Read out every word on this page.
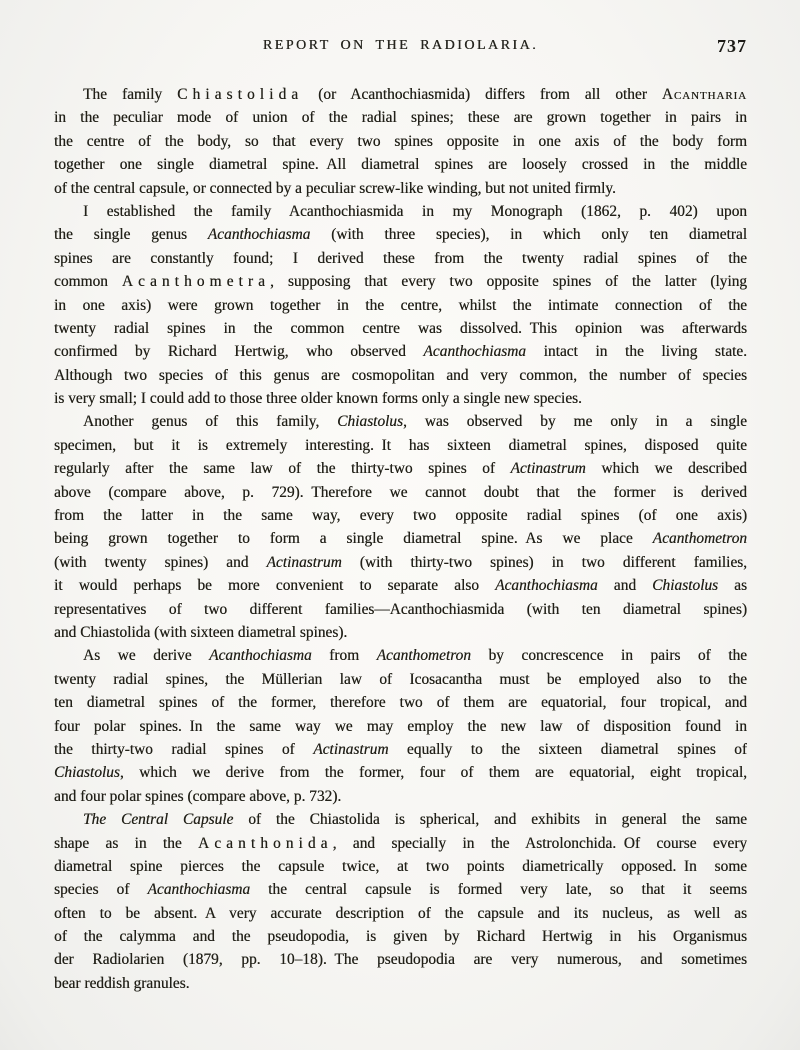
REPORT ON THE RADIOLARIA.	737
The family Chiastolida (or Acanthochiasmida) differs from all other Acantharia
in the peculiar mode of union of the radial spines; these are grown together in pairs in
the centre of the body, so that every two spines opposite in one axis of the body form
together one single diametral spine. All diametral spines are loosely crossed in the middle
of the central capsule, or connected by a peculiar screw-like winding, but not united firmly.
I established the family Acanthochiasmida in my Monograph (1862, p. 402) upon
the single genus Acanthochiasma (with three species), in which only ten diametral
spines are constantly found; I derived these from the twenty radial spines of the
common Acanthometra, supposing that every two opposite spines of the latter (lying
in one axis) were grown together in the centre, whilst the intimate connection of the
twenty radial spines in the common centre was dissolved. This opinion was afterwards
confirmed by Richard Hertwig, who observed Acanthochiasma intact in the living state.
Although two species of this genus are cosmopolitan and very common, the number of species
is very small; I could add to those three older known forms only a single new species.
Another genus of this family, Chiastolus, was observed by me only in a single
specimen, but it is extremely interesting. It has sixteen diametral spines, disposed quite
regularly after the same law of the thirty-two spines of Actinastrum which we described
above (compare above, p. 729). Therefore we cannot doubt that the former is derived
from the latter in the same way, every two opposite radial spines (of one axis)
being grown together to form a single diametral spine. As we place Acanthometron
(with twenty spines) and Actinastrum (with thirty-two spines) in two different families,
it would perhaps be more convenient to separate also Acanthochiasma and Chiastolus as
representatives of two different families—Acanthochiasmida (with ten diametral spines)
and Chiastolida (with sixteen diametral spines).
As we derive Acanthochiasma from Acanthometron by concrescence in pairs of the
twenty radial spines, the Müllerian law of Icosacantha must be employed also to the
ten diametral spines of the former, therefore two of them are equatorial, four tropical, and
four polar spines. In the same way we may employ the new law of disposition found in
the thirty-two radial spines of Actinastrum equally to the sixteen diametral spines of
Chiastolus, which we derive from the former, four of them are equatorial, eight tropical,
and four polar spines (compare above, p. 732).
The Central Capsule of the Chiastolida is spherical, and exhibits in general the same
shape as in the Acanthonida, and specially in the Astrolonchida. Of course every
diametral spine pierces the capsule twice, at two points diametrically opposed. In some
species of Acanthochiasma the central capsule is formed very late, so that it seems
often to be absent. A very accurate description of the capsule and its nucleus, as well as
of the calymma and the pseudopodia, is given by Richard Hertwig in his Organismus
der Radiolarien (1879, pp. 10–18). The pseudopodia are very numerous, and sometimes
bear reddish granules.
